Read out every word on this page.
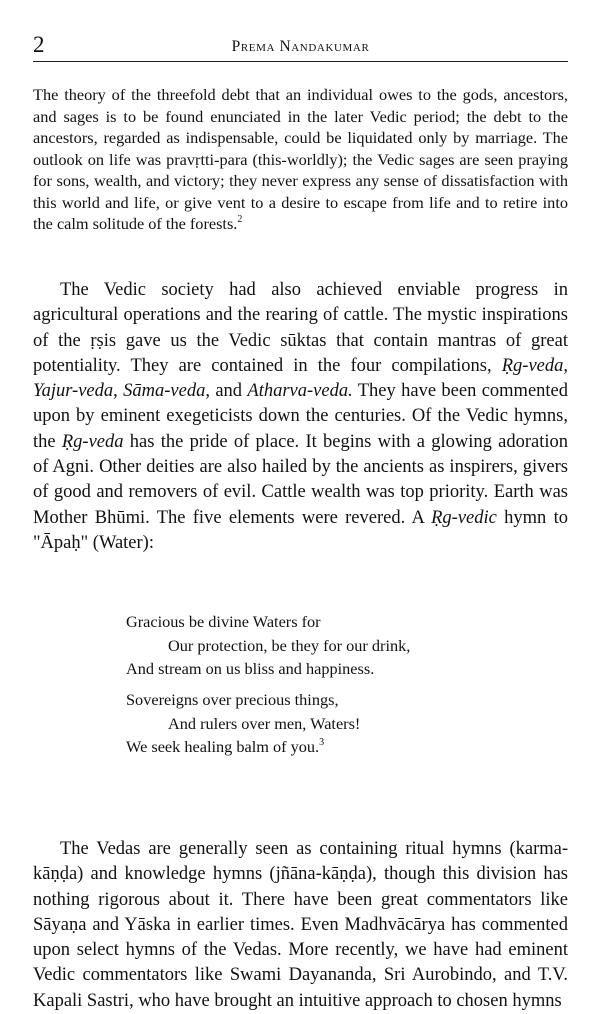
2	Prema Nandakumar

The theory of the threefold debt that an individual owes to the gods, ancestors, and sages is to be found enunciated in the later Vedic period; the debt to the ancestors, regarded as indispensable, could be liquidated only by marriage. The outlook on life was pravṛtti-para (this-worldly); the Vedic sages are seen praying for sons, wealth, and victory; they never express any sense of dissatisfaction with this world and life, or give vent to a desire to escape from life and to retire into the calm solitude of the forests.$^2$

The Vedic society had also achieved enviable progress in agricultural operations and the rearing of cattle. The mystic inspirations of the ṛṣis gave us the Vedic sūktas that contain mantras of great potentiality. They are contained in the four compilations, Ṛg-veda, Yajur-veda, Sāma-veda, and Atharva-veda. They have been commented upon by eminent exegeticists down the centuries. Of the Vedic hymns, the Ṛg-veda has the pride of place. It begins with a glowing adoration of Agni. Other deities are also hailed by the ancients as inspirers, givers of good and removers of evil. Cattle wealth was top priority. Earth was Mother Bhūmi. The five elements were revered. A Ṛg-vedic hymn to "Āpaḥ" (Water):

Gracious be divine Waters for
Our protection, be they for our drink,
And stream on us bliss and happiness.
Sovereigns over precious things,
And rulers over men, Waters!
We seek healing balm of you.$^3$

The Vedas are generally seen as containing ritual hymns (karma-kāṇḍa) and knowledge hymns (jñāna-kāṇḍa), though this division has nothing rigorous about it. There have been great commentators like Sāyaṇa and Yāska in earlier times. Even Madhvācārya has commented upon select hymns of the Vedas. More recently, we have had eminent Vedic commentators like Swami Dayananda, Sri Aurobindo, and T.V. Kapali Sastri, who have brought an intuitive approach to chosen hymns
